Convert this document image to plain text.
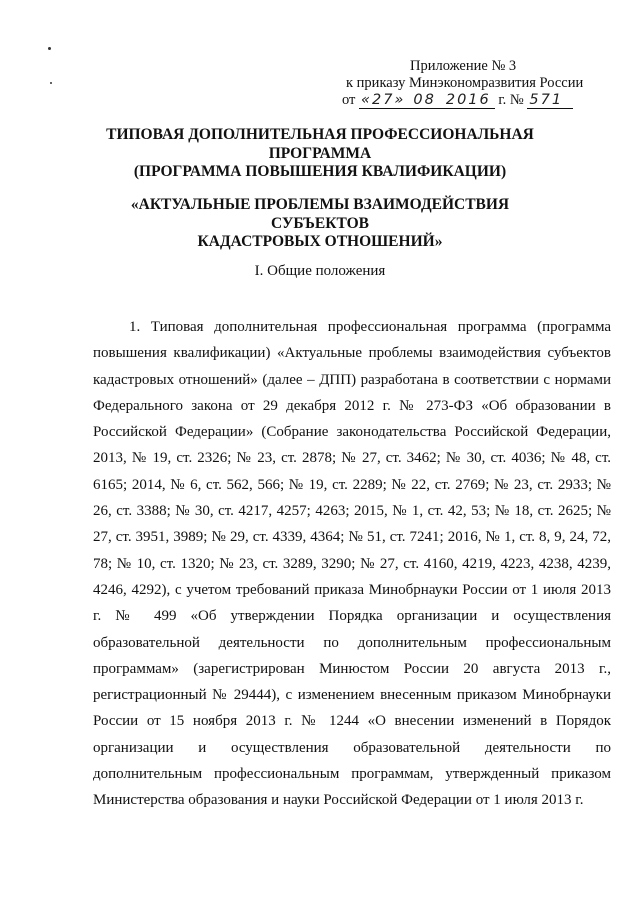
Приложение № 3
к приказу Минэкономразвития России
от «27» 08 2016 г. № 571
ТИПОВАЯ ДОПОЛНИТЕЛЬНАЯ ПРОФЕССИОНАЛЬНАЯ
ПРОГРАММА
(ПРОГРАММА ПОВЫШЕНИЯ КВАЛИФИКАЦИИ)
«АКТУАЛЬНЫЕ ПРОБЛЕМЫ ВЗАИМОДЕЙСТВИЯ СУБЪЕКТОВ
КАДАСТРОВЫХ ОТНОШЕНИЙ»
I. Общие положения

1. Типовая дополнительная профессиональная программа (программа повышения квалификации) «Актуальные проблемы взаимодействия субъектов кадастровых отношений» (далее – ДПП) разработана в соответствии с нормами Федерального закона от 29 декабря 2012 г. № 273-ФЗ «Об образовании в Российской Федерации» (Собрание законодательства Российской Федерации, 2013, № 19, ст. 2326; № 23, ст. 2878; № 27, ст. 3462; № 30, ст. 4036; № 48, ст. 6165; 2014, № 6, ст. 562, 566; № 19, ст. 2289; № 22, ст. 2769; № 23, ст. 2933; № 26, ст. 3388; № 30, ст. 4217, 4257; 4263; 2015, № 1, ст. 42, 53; № 18, ст. 2625; № 27, ст. 3951, 3989; № 29, ст. 4339, 4364; № 51, ст. 7241; 2016, № 1, ст. 8, 9, 24, 72, 78; № 10, ст. 1320; № 23, ст. 3289, 3290; № 27, ст. 4160, 4219, 4223, 4238, 4239, 4246, 4292), с учетом требований приказа Минобрнауки России от 1 июля 2013 г. № 499 «Об утверждении Порядка организации и осуществления образовательной деятельности по дополнительным профессиональным программам» (зарегистрирован Минюстом России 20 августа 2013 г., регистрационный № 29444), с изменением внесенным приказом Минобрнауки России от 15 ноября 2013 г. № 1244 «О внесении изменений в Порядок организации и осуществления образовательной деятельности по дополнительным профессиональным программам, утвержденный приказом Министерства образования и науки Российской Федерации от 1 июля 2013 г.
